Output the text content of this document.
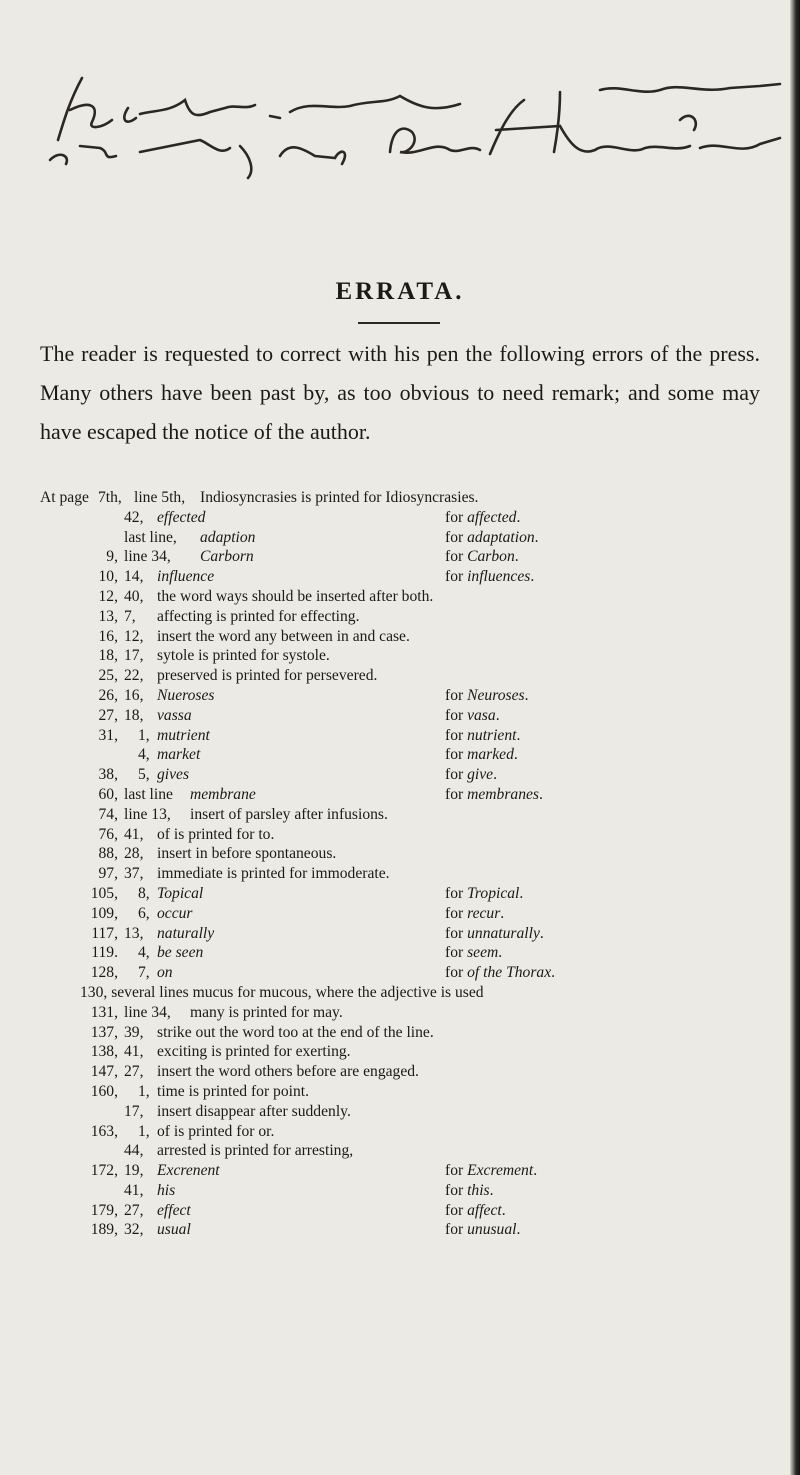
ERRATA.
The reader is requested to correct with his pen the following errors of the press. Many others have been past by, as too obvious to need remark; and some may have escaped the notice of the author.
At page 7th, line 5th, Indiosyncrasies is printed for Idiosyncrasies.
42, effected	for affected.
last line, adaption	for adaptation.
9, line 34, Carborn	for Carbon.
10, 14, influence	for influences.
12, 40, the word ways should be inserted after both.
13, 7, affecting is printed for effecting.
16, 12, insert the word any between in and case.
18, 17, sytole is printed for systole.
25, 22, preserved is printed for persevered.
26, 16, Nueroses	for Neuroses.
27, 18, vassa	for vasa.
31, 1, mutrient	for nutrient.
4, market	for marked.
38, 5, gives	for give.
60, last line membrane	for membranes.
74, line 13, insert of parsley after infusions.
76, 41, of is printed for to.
88, 28, insert in before spontaneous.
97, 37, immediate is printed for immoderate.
105, 8, Topical	for Tropical.
109, 6, occur	for recur.
117, 13, naturally	for unnaturally.
119. 4, be seen	for seem.
128, 7, on	for of the Thorax.
130, several lines mucus for mucous, where the adjective is used
131, line 34, many is printed for may.
137, 39, strike out the word too at the end of the line.
138, 41, exciting is printed for exerting.
147, 27, insert the word others before are engaged.
160, 1, time is printed for point.
17, insert disappear after suddenly.
163, 1, of is printed for or.
44, arrested is printed for arresting,
172, 19, Excrenent	for Excrement.
41, his	for this.
179, 27, effect	for affect.
189, 32, usual	for unusual.
